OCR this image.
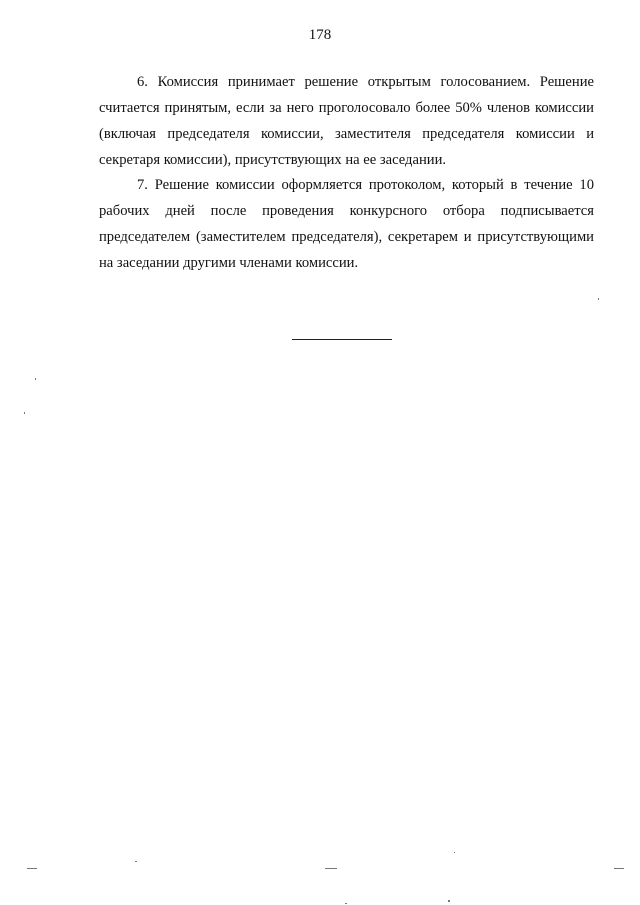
178

6. Комиссия принимает решение открытым голосованием. Решение считается принятым, если за него проголосовало более 50% членов комиссии (включая председателя комиссии, заместителя председателя комиссии и секретаря комиссии), присутствующих на ее заседании.

7. Решение комиссии оформляется протоколом, который в течение 10 рабочих дней после проведения конкурсного отбора подписывается председателем (заместителем председателя), секретарем и присутствующими на заседании другими членами комиссии.
